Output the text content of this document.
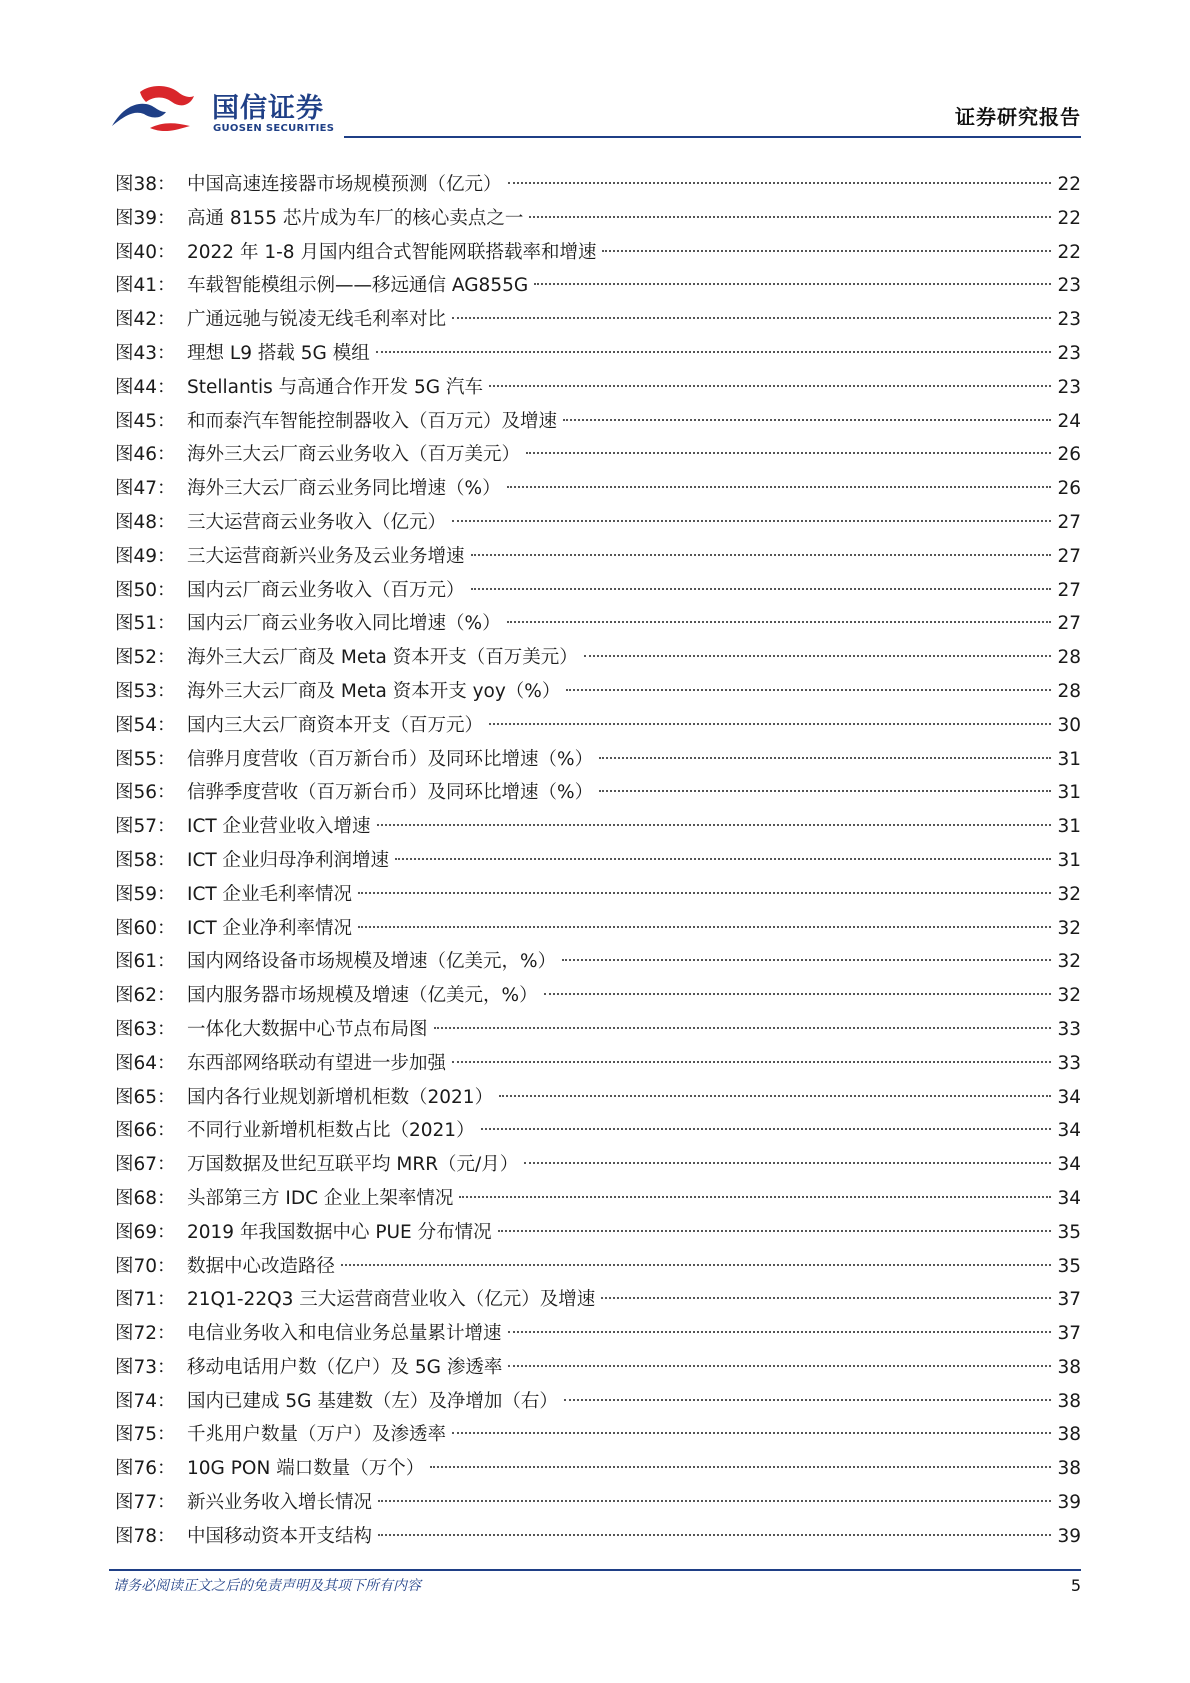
国信证券
GUOSEN SECURITIES	证券研究报告
图38： 中国高速连接器市场规模预测（亿元）	22
图39： 高通 8155 芯片成为车厂的核心卖点之一	22
图40： 2022 年 1-8 月国内组合式智能网联搭载率和增速	22
图41： 车载智能模组示例——移远通信 AG855G	23
图42： 广通远驰与锐凌无线毛利率对比	23
图43： 理想 L9 搭载 5G 模组	23
图44： Stellantis 与高通合作开发 5G 汽车	23
图45： 和而泰汽车智能控制器收入（百万元）及增速	24
图46： 海外三大云厂商云业务收入（百万美元）	26
图47： 海外三大云厂商云业务同比增速（%）	26
图48： 三大运营商云业务收入（亿元）	27
图49： 三大运营商新兴业务及云业务增速	27
图50： 国内云厂商云业务收入（百万元）	27
图51： 国内云厂商云业务收入同比增速（%）	27
图52： 海外三大云厂商及 Meta 资本开支（百万美元）	28
图53： 海外三大云厂商及 Meta 资本开支 yoy（%）	28
图54： 国内三大云厂商资本开支（百万元）	30
图55： 信骅月度营收（百万新台币）及同环比增速（%）	31
图56： 信骅季度营收（百万新台币）及同环比增速（%）	31
图57： ICT 企业营业收入增速	31
图58： ICT 企业归母净利润增速	31
图59： ICT 企业毛利率情况	32
图60： ICT 企业净利率情况	32
图61： 国内网络设备市场规模及增速（亿美元，%）	32
图62： 国内服务器市场规模及增速（亿美元，%）	32
图63： 一体化大数据中心节点布局图	33
图64： 东西部网络联动有望进一步加强	33
图65： 国内各行业规划新增机柜数（2021）	34
图66： 不同行业新增机柜数占比（2021）	34
图67： 万国数据及世纪互联平均 MRR（元/月）	34
图68： 头部第三方 IDC 企业上架率情况	34
图69： 2019 年我国数据中心 PUE 分布情况	35
图70： 数据中心改造路径	35
图71： 21Q1-22Q3 三大运营商营业收入（亿元）及增速	37
图72： 电信业务收入和电信业务总量累计增速	37
图73： 移动电话用户数（亿户）及 5G 渗透率	38
图74： 国内已建成 5G 基建数（左）及净增加（右）	38
图75： 千兆用户数量（万户）及渗透率	38
图76： 10G PON 端口数量（万个）	38
图77： 新兴业务收入增长情况	39
图78： 中国移动资本开支结构	39
请务必阅读正文之后的免责声明及其项下所有内容	5
